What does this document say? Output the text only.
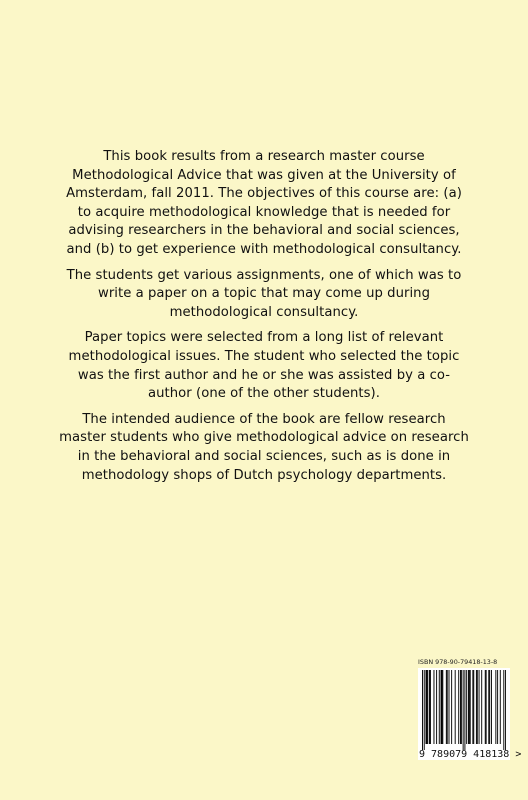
This book results from a research master course Methodological Advice that was given at the University of Amsterdam, fall 2011. The objectives of this course are: (a) to acquire methodological knowledge that is needed for advising researchers in the behavioral and social sciences, and (b) to get experience with methodological consultancy.

The students get various assignments, one of which was to write a paper on a topic that may come up during methodological consultancy.

Paper topics were selected from a long list of relevant methodological issues. The student who selected the topic was the first author and he or she was assisted by a co-author (one of the other students).

The intended audience of the book are fellow research master students who give methodological advice on research in the behavioral and social sciences, such as is done in methodology shops of Dutch psychology departments.

ISBN 978-90-79418-13-8
9 789079 418138 >
